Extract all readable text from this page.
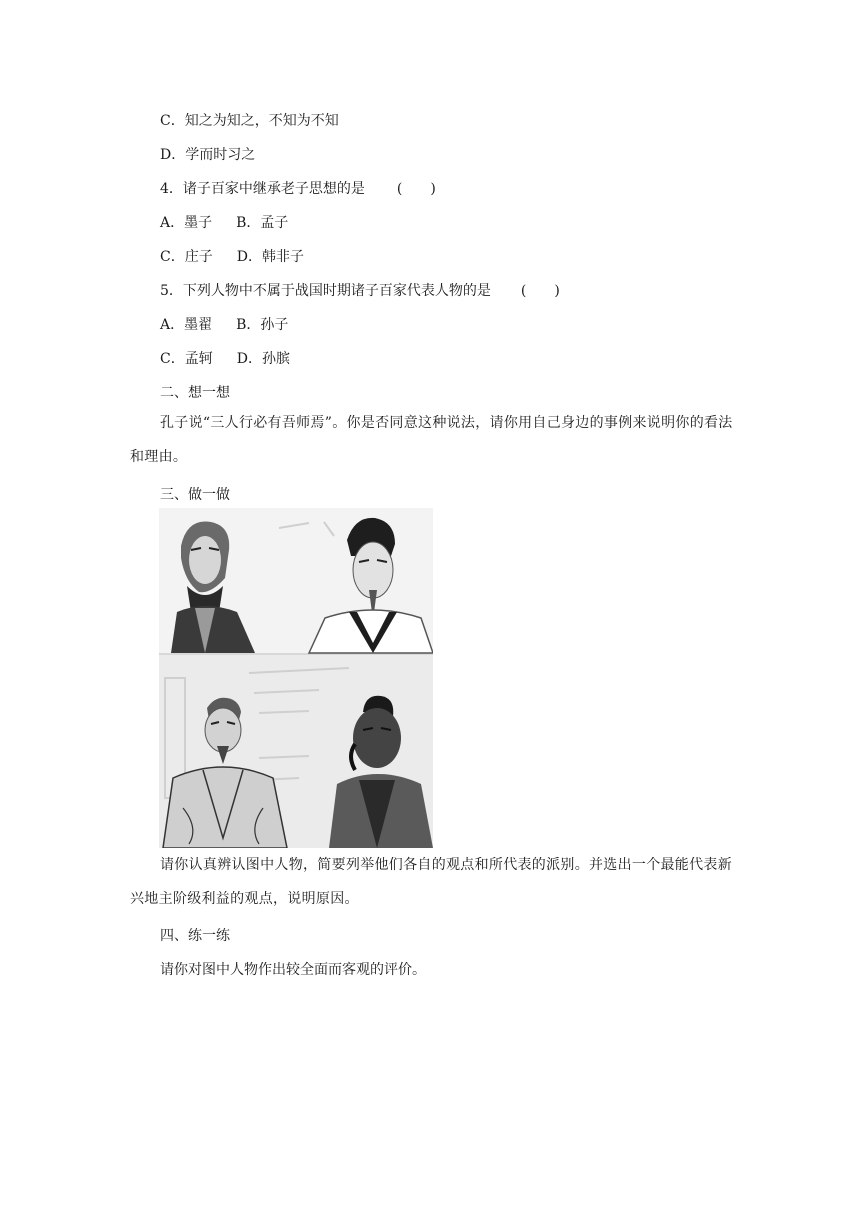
C．知之为知之，不知为不知

D．学而时习之

4．诸子百家中继承老子思想的是 (　　)

A．墨子 B．孟子

C．庄子 D．韩非子

5．下列人物中不属于战国时期诸子百家代表人物的是 (　　)

A．墨翟 B．孙子

C．孟轲 D．孙膑

二、想一想

孔子说“三人行必有吾师焉”。你是否同意这种说法，请你用自己身边的事例来说明你的看法和理由。

三、做一做

请你认真辨认图中人物，简要列举他们各自的观点和所代表的派别。并选出一个最能代表新兴地主阶级利益的观点，说明原因。

四、练一练

请你对图中人物作出较全面而客观的评价。
